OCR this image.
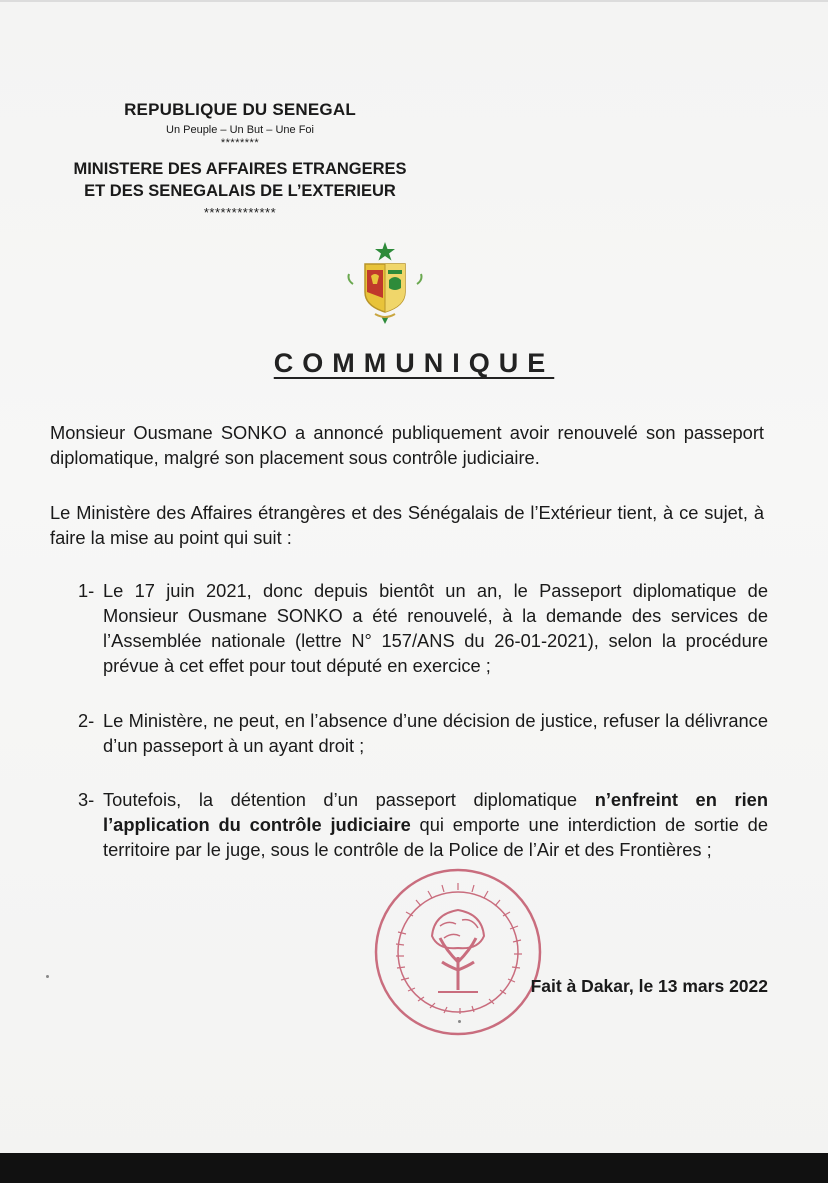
REPUBLIQUE DU SENEGAL
Un Peuple – Un But – Une Foi
********
MINISTERE DES AFFAIRES ETRANGERES
ET DES SENEGALAIS DE L’EXTERIEUR
*************
COMMUNIQUE
Monsieur Ousmane SONKO a annoncé publiquement avoir renouvelé son passeport diplomatique, malgré son placement sous contrôle judiciaire.
Le Ministère des Affaires étrangères et des Sénégalais de l’Extérieur tient, à ce sujet, à faire la mise au point qui suit :
1- Le 17 juin 2021, donc depuis bientôt un an, le Passeport diplomatique de Monsieur Ousmane SONKO a été renouvelé, à la demande des services de l’Assemblée nationale (lettre N° 157/ANS du 26-01-2021), selon la procédure prévue à cet effet pour tout député en exercice ;
2- Le Ministère, ne peut, en l’absence d’une décision de justice, refuser la délivrance d’un passeport à un ayant droit ;
3- Toutefois, la détention d’un passeport diplomatique n’enfreint en rien l’application du contrôle judiciaire qui emporte une interdiction de sortie de territoire par le juge, sous le contrôle de la Police de l’Air et des Frontières ;
Fait à Dakar, le 13 mars 2022
